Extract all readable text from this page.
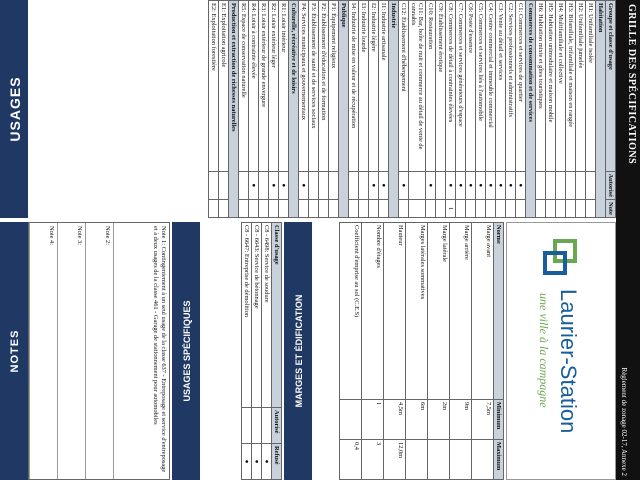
GRILLE DES SPÉCIFICATIONS
Règlement de zonage 02-17, Annexe 2
Groupe et classe d'usage	Autorisé	Note
Habitation		
H1: Unifamiliale isolée		
H2: Unifamiliale jumelée		
H3: Bifamiliale, trifamiliale et maison en rangée		
H4: Multifamiliale et collective		
H5: Habitation unimodulaire et maison mobile		
H6: Habitation mixte et gîtes touristiques		
Commerces de consommation et de services		
C1: Commerces et services de quartier	●	
C2: Services professionnels et administratifs	●	
C3: Vente au détail et services	●	
C4: Centre commercial et immeuble commercial	●	
C5: Commerces et services liés à l'automobile	●	
C6: Poste d'essence	●	
C7: Commerces et services générateurs d'espace	●	
C8: Commerces de détail à contraintes élevées	●	1
C9: Établissement érotique		
C10: Restauration	●	
C11: Bar, boîte de nuit et commerce au détail de vente de cannabis		
C12: Établissement d'hébergement	●	
Industrie		
I1: Industrie artisanale	●	
I2: Industrie légère	●	
I3: Industrie lourde		
I4: Industrie de mise en valeur et de récupération		
Publique		
P1: Équipement religieux		
P2: Établissement d'éducation et de formation		
P3: Établissement de santé et de services sociaux		
P4: Services municipaux et gouvernementaux	●	
Culturelle, récréative et de loisirs		
R1: Loisir intérieur	●	
R2: Loisir extérieur léger	●	
R3: Loisir extérieur de grande envergure		
R4: Loisir à contrainte élevée	●	
R5: Espace de conservation naturelle		
Production et extraction de richesses naturelles		
E1: Exploitation agricole		
E2: Exploitation forestière		
USAGES
Laurier-Station
une ville à la campagne
Norme	Minimum	Maximum
Marge avant	7,5m	
Marge arrière	9m	
Marge latérale	2m	
Marges latérales sommatives	6m	
Hauteur	4,5m	12,0m
Nombre d'étages	1	3
Coefficient d'emprise au sol (C.E.S)		0,4
MARGES ET ÉDIFICATION
Classe d'usage	Autorisé	Refusé
C8 - 6498: Service de soudure		●
C8 - 6643: Service de bétonnage		●
C8 - 6647: Entreprise de démolition		●
USAGES SPÉCIFIQUES
Note 1: Contingentement à un seul usage de la classe 637 - Entreposage et service d'entreposage et à deux usages de la classe 461 - Garage de stationnement pour automobiles
Note 2:
Note 3:
Note 4:
NOTES
